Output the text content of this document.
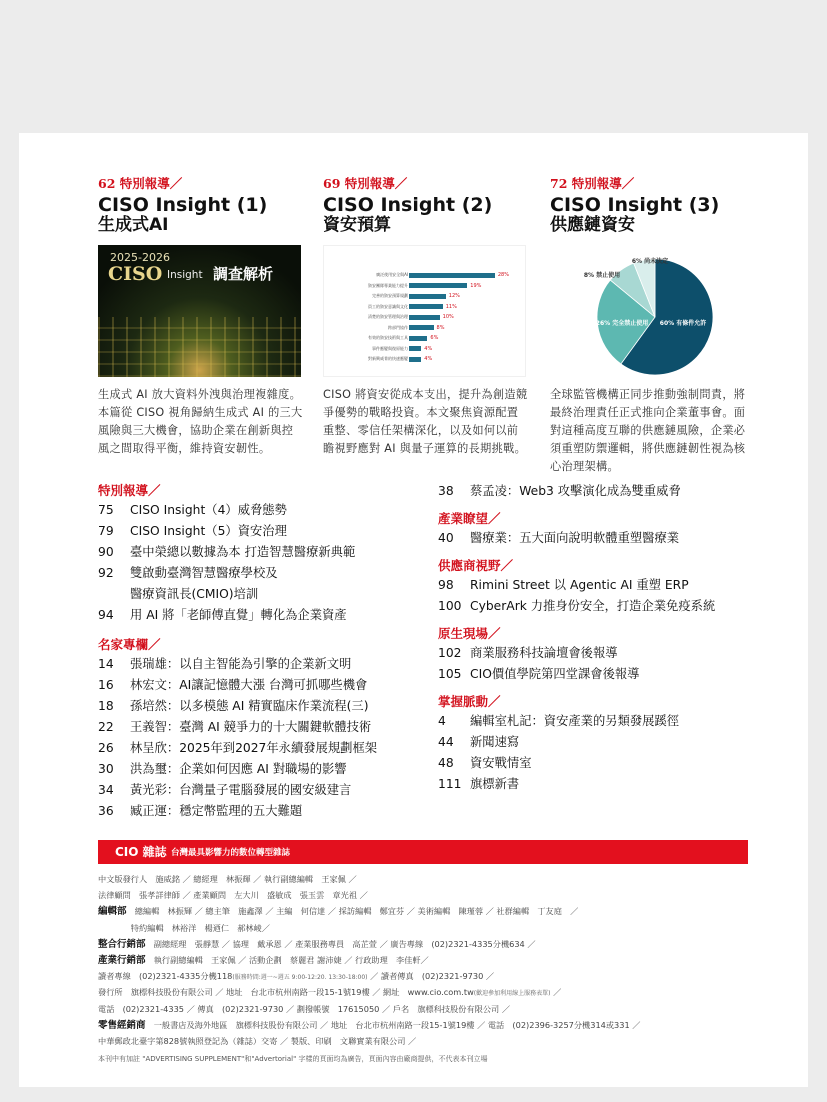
62 特別報導／

CISO Insight (1)

生成式AI

2025-2026
CISO Insight 調查解析
生成式 AI 放大資料外洩與治理複雜度。本篇從 CISO 視角歸納生成式 AI 的三大風險與三大機會，協助企業在創新與控風之間取得平衡，維持資安韌性。

69 特別報導／

CISO Insight (2)

資安預算

廣泛使用安全與AI	28%
資安團隊專業能力提升	19%
完善的資安預算規劃	12%
員工的資安意識與文化	11%
清楚的資安管理與治理	10%
跨部門協作	8%
有效的資安技術與工具	6%
事件應變與復原能力	4%
對新興威脅的快速應變	4%
CISO 將資安從成本支出，提升為創造競爭優勢的戰略投資。本文聚焦資源配置重整、零信任架構深化，以及如何以前瞻視野應對 AI 與量子運算的長期挑戰。

72 特別報導／

CISO Insight (3)

供應鏈資安

60% 有條件允許
26% 完全禁止使用
8% 禁止使用
6% 尚未決定
全球監管機構正同步推動強制問責，將最終治理責任正式推向企業董事會。面對這種高度互聯的供應鏈風險，企業必須重塑防禦邏輯，將供應鏈韌性視為核心治理架構。
特別報導／
75	CISO Insight（4）威脅態勢
79	CISO Insight（5）資安治理
90	臺中榮總以數據為本 打造智慧醫療新典範
92	雙啟動臺灣智慧醫療學校及
醫療資訊長(CMIO)培訓
94	用 AI 將「老師傅直覺」轉化為企業資產
名家專欄／
14	張瑞雄：以自主智能為引擎的企業新文明
16	林宏文：AI讓記憶體大漲 台灣可抓哪些機會
18	孫培然：以多模態 AI 精實臨床作業流程(三)
22	王義智：臺灣 AI 競爭力的十大關鍵軟體技術
26	林呈欣：2025年到2027年永續發展規劃框架
30	洪為璽：企業如何因應 AI 對職場的影響
34	黃光彩：台灣量子電腦發展的國安級建言
36	臧正運：穩定幣監理的五大難題
38	蔡孟凌：Web3 攻擊演化成為雙重威脅
產業瞭望／
40	醫療業：五大面向說明軟體重塑醫療業
供應商視野／
98	Rimini Street 以 Agentic AI 重塑 ERP
100 CyberArk 力推身份安全，打造企業免疫系統
原生現場／
102 商業服務科技論壇會後報導
105 CIO價值學院第四堂課會後報導
掌握脈動／
4	編輯室札記：資安產業的另類發展蹊徑
44	新聞速寫
48	資安戰情室
111 旗標新書
CIO 雜誌 台灣最具影響力的數位轉型雜誌
中文版發行人　施威銘 ／ 總經理　林振輝 ／ 執行副總編輯　王家佩 ／
法律顧問　張孝詳律師 ／ 產業顧問　左大川　盛敏成　張玉雲　章光祖 ／
編輯部　總編輯　林振輝 ／ 總主筆　施鑫澤 ／ 主編　何信達 ／ 採訪編輯　鄭宜芬 ／ 美術編輯　陳瑾蓉 ／ 社群編輯　丁友庭　／
　　　　特約編輯　林裕洋　楊迺仁　郝林崚／
整合行銷部　副總經理　張靜慧 ／ 協理　戴承恩 ／ 產業服務專員　高芷萱 ／ 廣告專線　(02)2321-4335分機634 ／
產業行銷部　執行副總編輯　王家佩 ／ 活動企劃　蔡麗君 謝沛婕 ／ 行政助理　李佳軒／
讀者專線　(02)2321-4335分機118(服務時間:週一~週五 9:00-12:20. 13:30-18:00) ／ 讀者傳真　(02)2321-9730 ／
發行所　旗標科技股份有限公司 ／ 地址　台北市杭州南路一段15-1號19樓 ／ 網址　www.cio.com.tw(歡迎參加利用線上服務表單) ／
電話　(02)2321-4335 ／ 傳真　(02)2321-9730 ／ 劃撥帳號　17615050 ／ 戶名　旗標科技股份有限公司 ／
零售經銷商　一般書店及海外地區　旗標科技股份有限公司 ／ 地址　台北市杭州南路一段15-1號19樓 ／ 電話　(02)2396-3257分機314或331 ／
中華郵政北臺字第828號執照登記為（雜誌）交寄 ／ 製版、印刷　文聯實業有限公司 ／
本刊中有加註 "ADVERTISING SUPPLEMENT"和"Advertorial" 字樣的頁面均為廣告，頁面內容由廠商提供，不代表本刊立場
